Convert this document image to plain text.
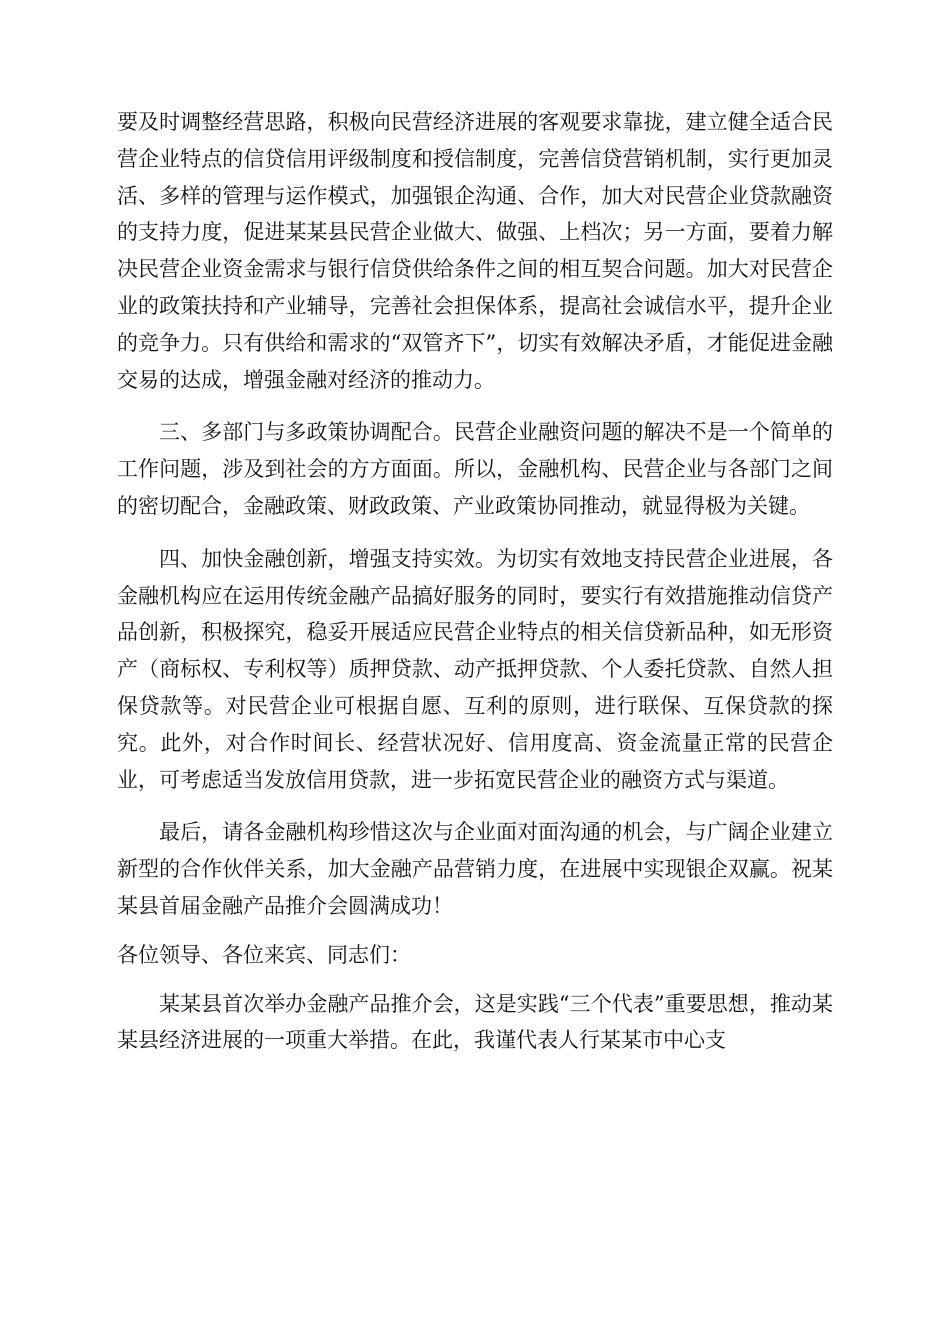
要及时调整经营思路，积极向民营经济进展的客观要求靠拢，建立健全适合民营企业特点的信贷信用评级制度和授信制度，完善信贷营销机制，实行更加灵活、多样的管理与运作模式，加强银企沟通、合作，加大对民营企业贷款融资的支持力度，促进某某县民营企业做大、做强、上档次；另一方面，要着力解决民营企业资金需求与银行信贷供给条件之间的相互契合问题。加大对民营企业的政策扶持和产业辅导，完善社会担保体系，提高社会诚信水平，提升企业的竞争力。只有供给和需求的“双管齐下”，切实有效解决矛盾，才能促进金融交易的达成，增强金融对经济的推动力。

三、多部门与多政策协调配合。民营企业融资问题的解决不是一个简单的工作问题，涉及到社会的方方面面。所以，金融机构、民营企业与各部门之间的密切配合，金融政策、财政政策、产业政策协同推动，就显得极为关键。

四、加快金融创新，增强支持实效。为切实有效地支持民营企业进展，各金融机构应在运用传统金融产品搞好服务的同时，要实行有效措施推动信贷产品创新，积极探究，稳妥开展适应民营企业特点的相关信贷新品种，如无形资产（商标权、专利权等）质押贷款、动产抵押贷款、个人委托贷款、自然人担保贷款等。对民营企业可根据自愿、互利的原则，进行联保、互保贷款的探究。此外，对合作时间长、经营状况好、信用度高、资金流量正常的民营企业，可考虑适当发放信用贷款，进一步拓宽民营企业的融资方式与渠道。

最后，请各金融机构珍惜这次与企业面对面沟通的机会，与广阔企业建立新型的合作伙伴关系，加大金融产品营销力度，在进展中实现银企双赢。祝某某县首届金融产品推介会圆满成功！

各位领导、各位来宾、同志们：

某某县首次举办金融产品推介会，这是实践“三个代表”重要思想，推动某某县经济进展的一项重大举措。在此，我谨代表人行某某市中心支
